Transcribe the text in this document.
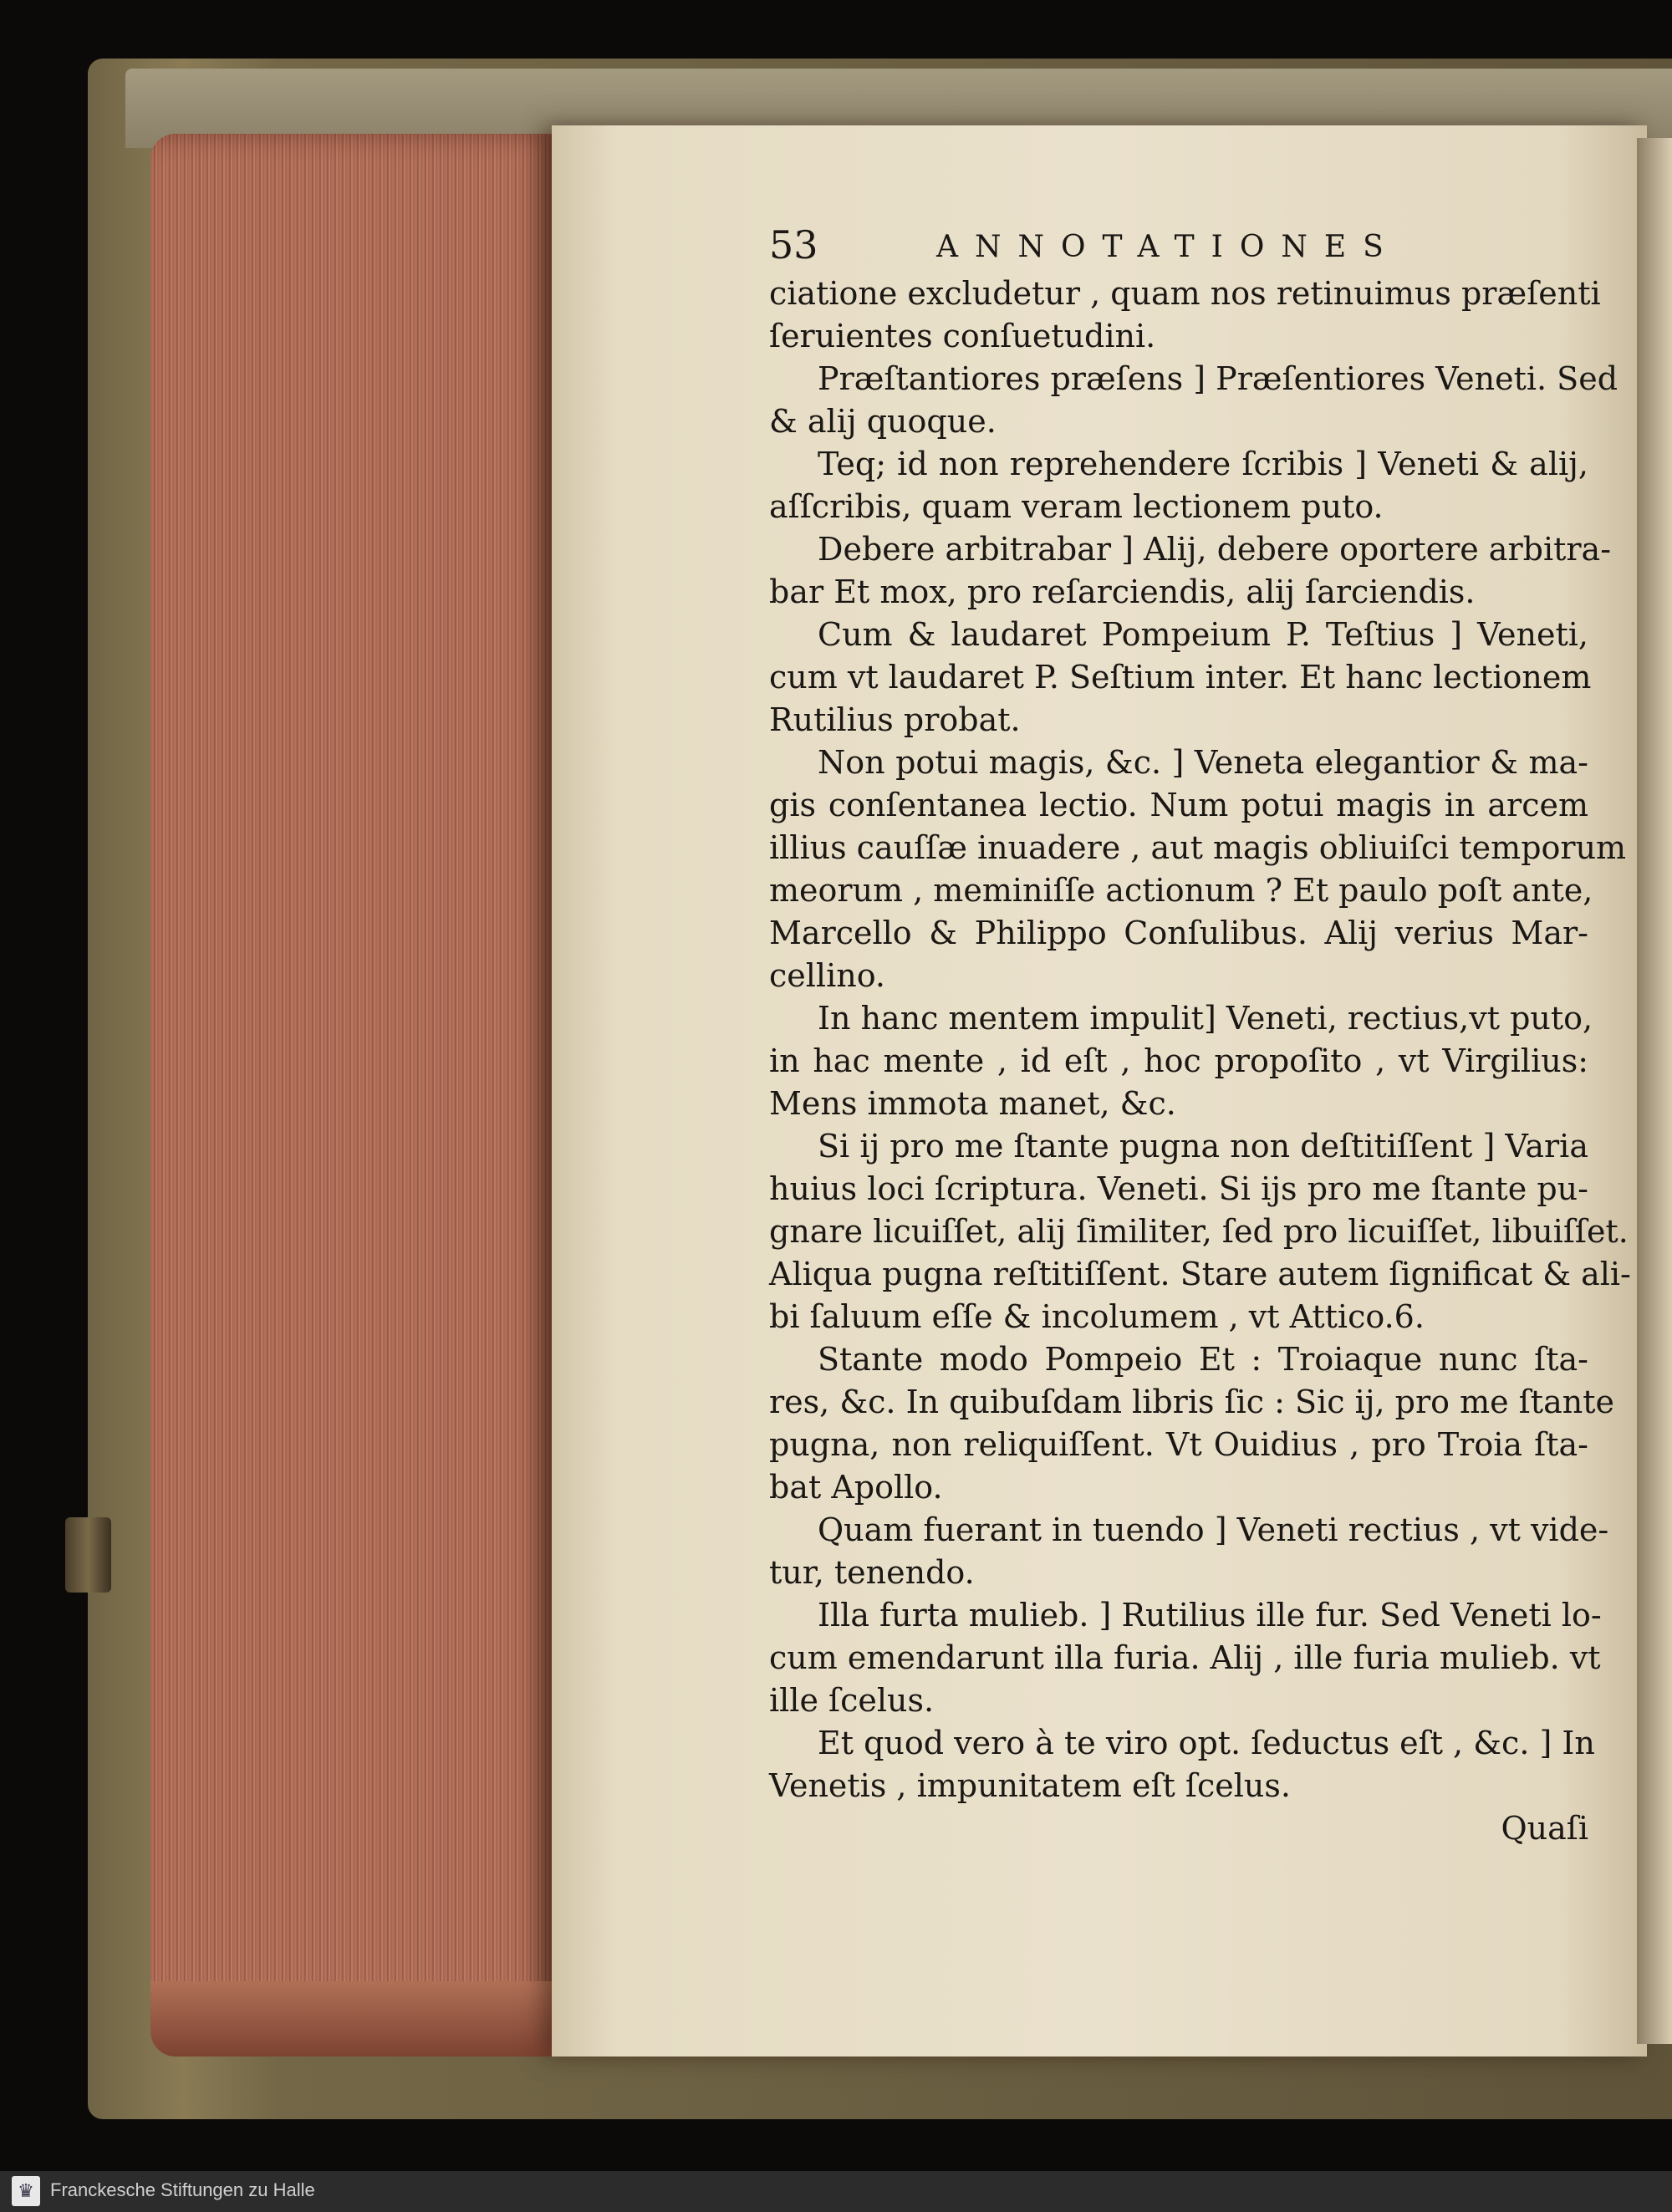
53	ANNOTATIONES
ciatione excludetur , quam nos retinuimus præſenti
ſeruientes conſuetudini.
Præſtantiores præſens ] Præſentiores Veneti. Sed
& alij quoque.
Teq; id non reprehendere ſcribis ] Veneti & alij,
aſſcribis, quam veram lectionem puto.
Debere arbitrabar ] Alij, debere oportere arbitra-
bar Et mox, pro reſarciendis, alij ſarciendis.
Cum & laudaret Pompeium P. Teſtius ] Veneti,
cum vt laudaret P. Seſtium inter. Et hanc lectionem
Rutilius probat.
Non potui magis, &c. ] Veneta elegantior & ma-
gis conſentanea lectio. Num potui magis in arcem
illius cauſſæ inuadere , aut magis obliuiſci temporum
meorum , meminiſſe actionum ? Et paulo poſt ante,
Marcello & Philippo Conſulibus. Alij verius Mar-
cellino.
In hanc mentem impulit] Veneti, rectius,vt puto,
in hac mente , id eſt , hoc propoſito , vt Virgilius:
Mens immota manet, &c.
Si ij pro me ſtante pugna non deſtitiſſent ] Varia
huius loci ſcriptura. Veneti. Si ijs pro me ſtante pu-
gnare licuiſſet, alij ſimiliter, ſed pro licuiſſet, libuiſſet.
Aliqua pugna reſtitiſſent. Stare autem ſignificat & ali-
bi ſaluum eſſe & incolumem , vt Attico.6.
Stante modo Pompeio Et : Troiaque nunc ſta-
res, &c. In quibuſdam libris ſic : Sic ij, pro me ſtante
pugna, non reliquiſſent. Vt Ouidius , pro Troia ſta-
bat Apollo.
Quam fuerant in tuendo ] Veneti rectius , vt vide-
tur, tenendo.
Illa furta mulieb. ] Rutilius ille fur. Sed Veneti lo-
cum emendarunt illa furia. Alij , ille furia mulieb. vt
ille ſcelus.
Et quod vero à te viro opt. ſeductus eſt , &c. ] In
Venetis , impunitatem eſt ſcelus.
Quaſi
♛ Franckesche Stiftungen zu Halle
